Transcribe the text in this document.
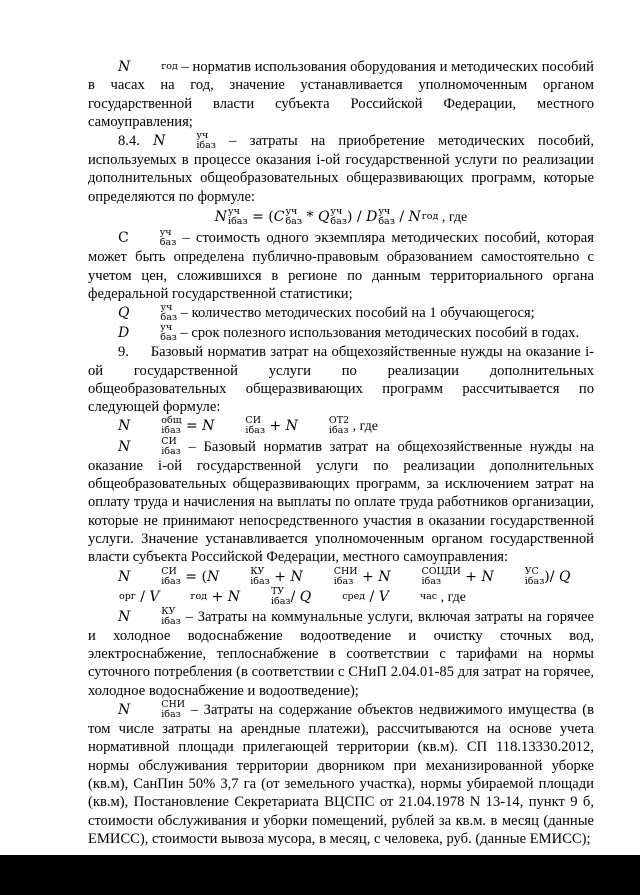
N	год – норматив использования оборудования и методических пособий в часах на год, значение устанавливается уполномоченным органом государственной власти субъекта Российской Федерации, местного самоуправления;

8.4. N	уч
iбаз – затраты на приобретение методических пособий, используемых в процессе оказания i-ой государственной услуги по реализации дополнительных общеобразовательных общеразвивающих программ, которые определяются по формуле:

N уч
iбаз = (C уч
баз * Q уч
баз ) / D уч
баз / N год , где

C	уч
баз – стоимость одного экземпляра методических пособий, которая может быть определена публично-правовым образованием самостоятельно с учетом цен, сложившихся в регионе по данным территориального органа федеральной государственной статистики;

Q	уч
баз – количество методических пособий на 1 обучающегося;

D	уч
баз – срок полезного использования методических пособий в годах.

9.     Базовый норматив затрат на общехозяйственные нужды на оказание i-ой государственной услуги по реализации дополнительных общеобразовательных общеразвивающих программ рассчитывается по следующей формуле:

N	общ
iбаз = N	СИ
iбаз + N	ОТ2
iбаз , где

N	СИ
iбаз – Базовый норматив затрат на общехозяйственные нужды на оказание i-ой государственной услуги по реализации дополнительных общеобразовательных общеразвивающих программ, за исключением затрат на оплату труда и начисления на выплаты по оплате труда работников организации, которые не принимают непосредственного участия в оказании государственной услуги. Значение устанавливается уполномоченным органом государственной власти субъекта Российской Федерации, местного самоуправления:

N	СИ
iбаз = (N	КУ
iбаз + N	СНИ
iбаз + N	СОЦДИ
iбаз	+ N	УС
iбаз )/ Q
орг / V	год + N	ТУ
iбаз / Q	сред / V	час , где

N	КУ
iбаз – Затраты на коммунальные услуги, включая затраты на горячее и холодное водоснабжение водоотведение и очистку сточных вод, электроснабжение, теплоснабжение в соответствии с тарифами на нормы суточного потребления (в соответствии с СНиП 2.04.01-85 для затрат на горячее, холодное водоснабжение и водоотведение);

N	СНИ
iбаз – Затраты на содержание объектов недвижимого имущества (в том числе затраты на арендные платежи), рассчитываются на основе учета нормативной площади прилегающей территории (кв.м). СП 118.13330.2012, нормы обслуживания территории дворником при механизированной уборке (кв.м), СанПин 50% 3,7 га (от земельного участка), нормы убираемой площади (кв.м), Постановление Секретариата ВЦСПС от 21.04.1978 N 13-14, пункт 9 б, стоимости обслуживания и уборки помещений, рублей за кв.м. в месяц (данные ЕМИСС), стоимости вывоза мусора, в месяц, с человека, руб. (данные ЕМИСС);
